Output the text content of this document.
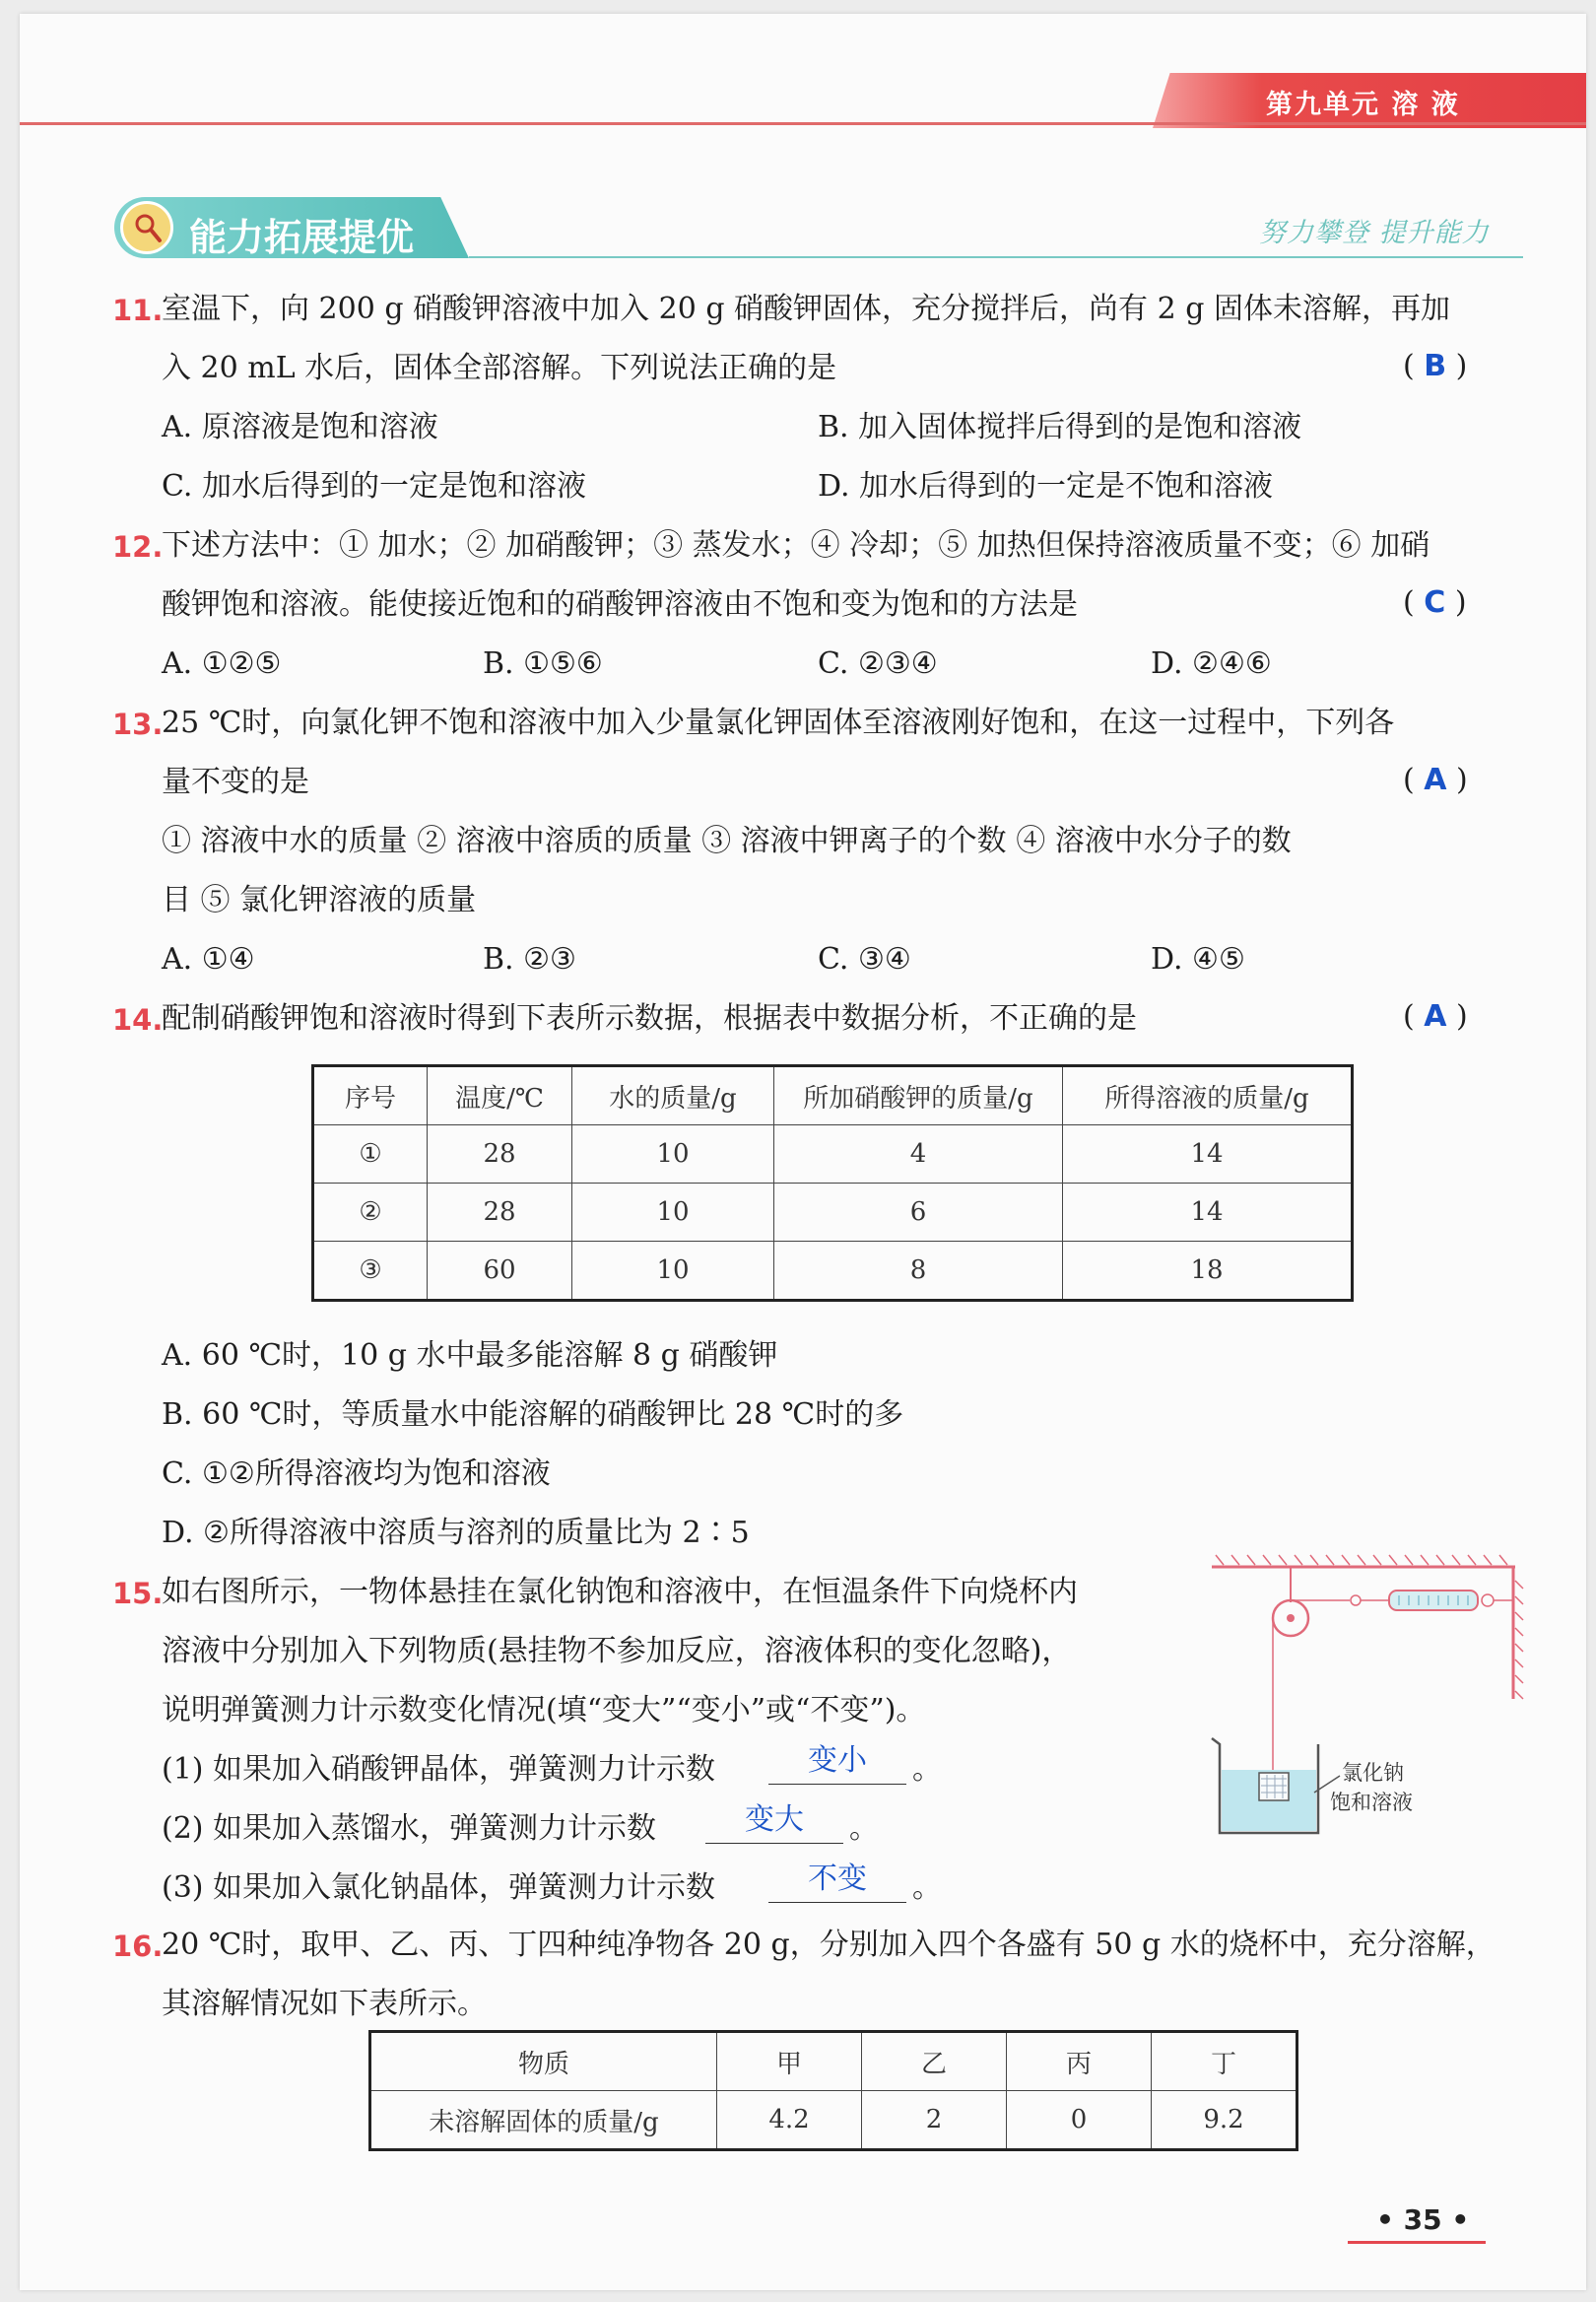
第九单元 溶 液
能力拓展提优	努力攀登 提升能力
11.
室温下，向 200 g 硝酸钾溶液中加入 20 g 硝酸钾固体，充分搅拌后，尚有 2 g 固体未溶解，再加
入 20 mL 水后，固体全部溶解。下列说法正确的是	( B )
A. 原溶液是饱和溶液	B. 加入固体搅拌后得到的是饱和溶液
C. 加水后得到的一定是饱和溶液	D. 加水后得到的一定是不饱和溶液
12.
下述方法中：① 加水；② 加硝酸钾；③ 蒸发水；④ 冷却；⑤ 加热但保持溶液质量不变；⑥ 加硝
酸钾饱和溶液。能使接近饱和的硝酸钾溶液由不饱和变为饱和的方法是	( C )
A. ①②⑤	B. ①⑤⑥	C. ②③④	D. ②④⑥
13.
25 ℃时，向氯化钾不饱和溶液中加入少量氯化钾固体至溶液刚好饱和，在这一过程中，下列各
量不变的是	( A )
① 溶液中水的质量 ② 溶液中溶质的质量 ③ 溶液中钾离子的个数 ④ 溶液中水分子的数
目 ⑤ 氯化钾溶液的质量
A. ①④	B. ②③	C. ③④	D. ④⑤
14.
配制硝酸钾饱和溶液时得到下表所示数据，根据表中数据分析，不正确的是	( A )
序号	温度/℃	水的质量/g	所加硝酸钾的质量/g	所得溶液的质量/g
①	28	10	4	14
②	28	10	6	14
③	60	10	8	18
A. 60 ℃时，10 g 水中最多能溶解 8 g 硝酸钾
B. 60 ℃时，等质量水中能溶解的硝酸钾比 28 ℃时的多
C. ①②所得溶液均为饱和溶液
D. ②所得溶液中溶质与溶剂的质量比为 2∶5
15.
如右图所示，一物体悬挂在氯化钠饱和溶液中，在恒温条件下向烧杯内
溶液中分别加入下列物质(悬挂物不参加反应，溶液体积的变化忽略)，
说明弹簧测力计示数变化情况(填“变大”“变小”或“不变”)。
(1) 如果加入硝酸钾晶体，弹簧测力计示数	变小	。
(2) 如果加入蒸馏水，弹簧测力计示数	变大	。
(3) 如果加入氯化钠晶体，弹簧测力计示数	不变	。
氯化钠
饱和溶液
16.
20 ℃时，取甲、乙、丙、丁四种纯净物各 20 g，分别加入四个各盛有 50 g 水的烧杯中，充分溶解，
其溶解情况如下表所示。
物质	甲	乙	丙	丁
未溶解固体的质量/g	4.2	2	0	9.2
• 35 •
